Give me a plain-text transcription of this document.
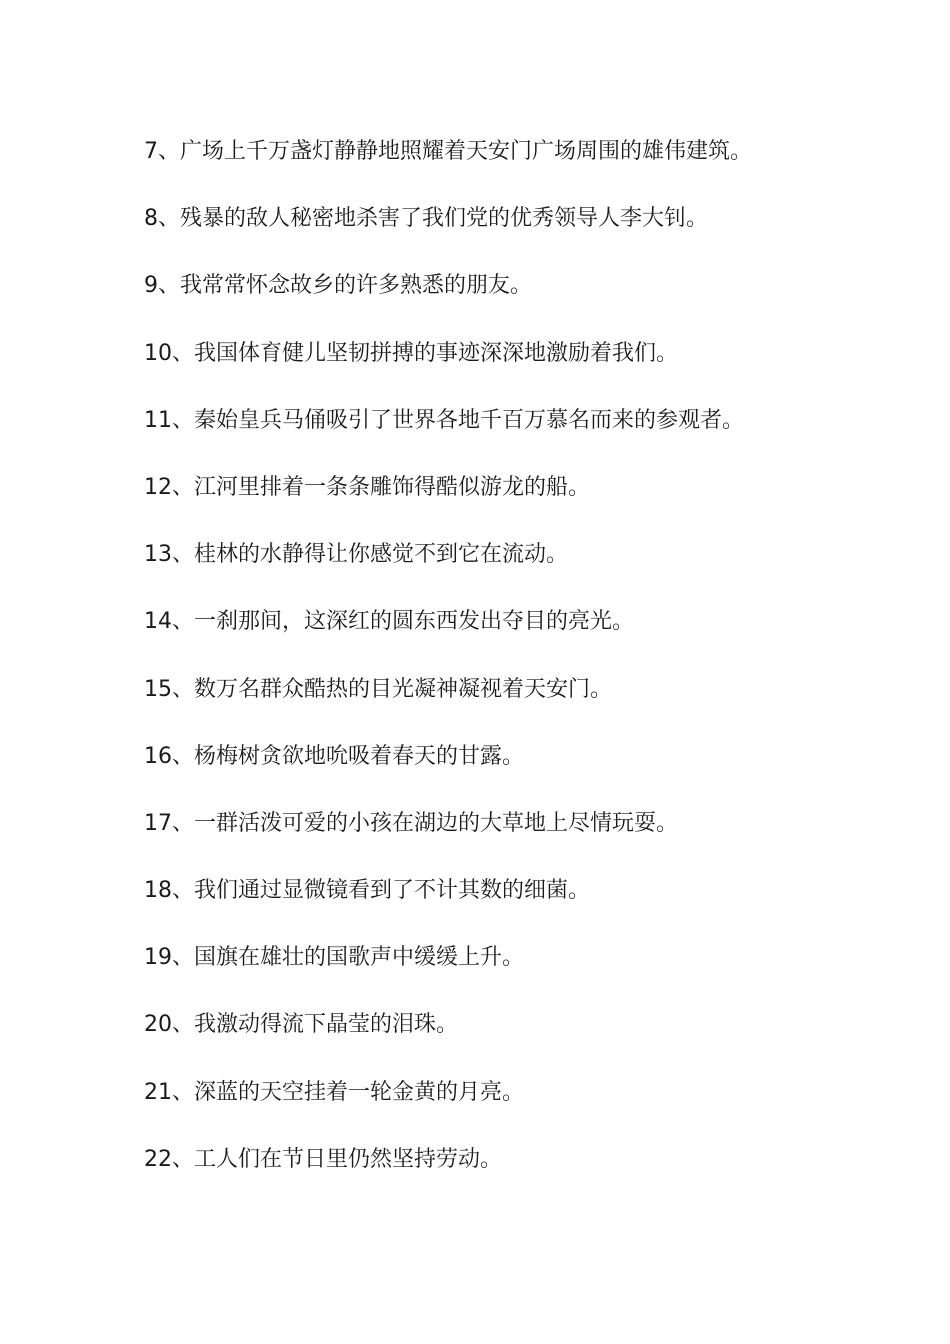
7、广场上千万盏灯静静地照耀着天安门广场周围的雄伟建筑。
8、残暴的敌人秘密地杀害了我们党的优秀领导人李大钊。
9、我常常怀念故乡的许多熟悉的朋友。
10、我国体育健儿坚韧拼搏的事迹深深地激励着我们。
11、秦始皇兵马俑吸引了世界各地千百万慕名而来的参观者。
12、江河里排着一条条雕饰得酷似游龙的船。
13、桂林的水静得让你感觉不到它在流动。
14、一刹那间，这深红的圆东西发出夺目的亮光。
15、数万名群众酷热的目光凝神凝视着天安门。
16、杨梅树贪欲地吮吸着春天的甘露。
17、一群活泼可爱的小孩在湖边的大草地上尽情玩耍。
18、我们通过显微镜看到了不计其数的细菌。
19、国旗在雄壮的国歌声中缓缓上升。
20、我激动得流下晶莹的泪珠。
21、深蓝的天空挂着一轮金黄的月亮。
22、工人们在节日里仍然坚持劳动。
